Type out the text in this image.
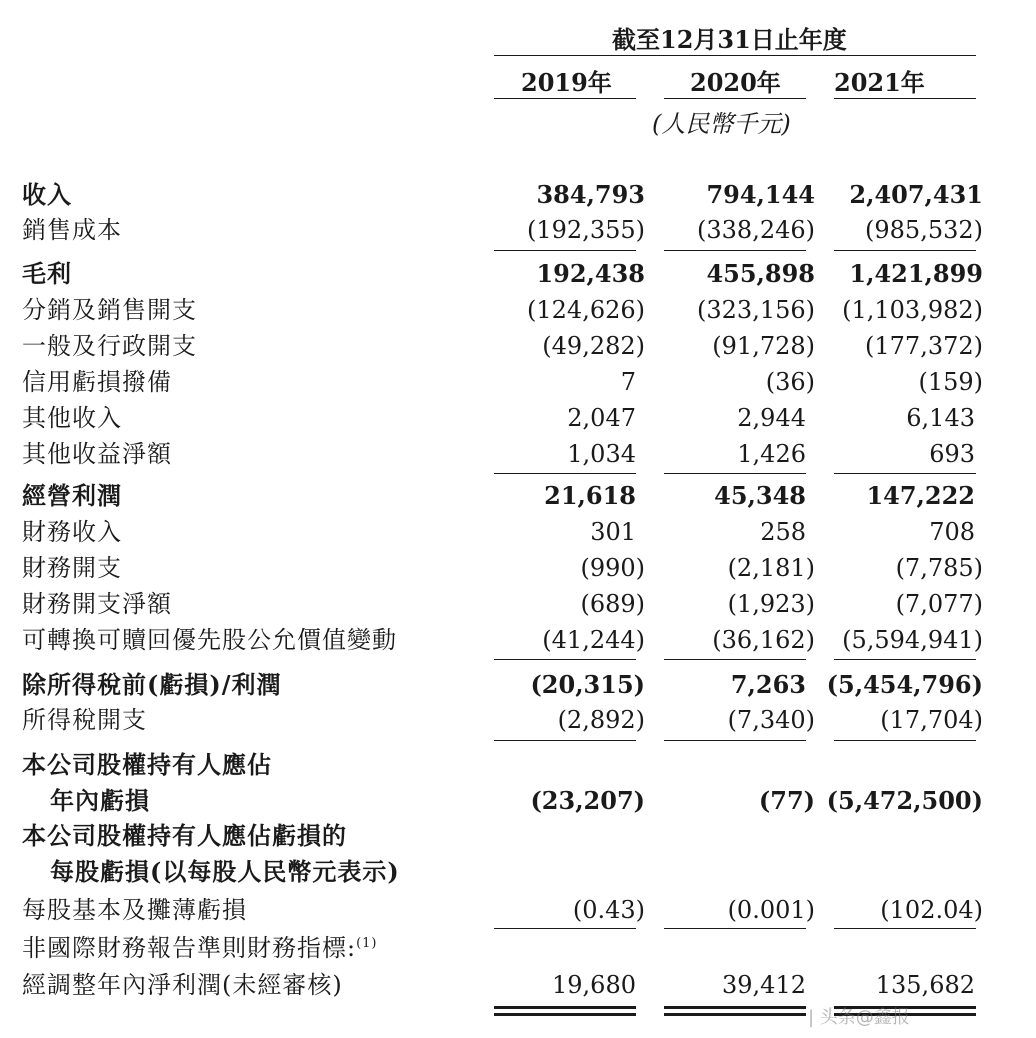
截至12月31日止年度
2019年	2020年 2021年
(人民幣千元)
收入	384,793	794,144 2,407,431
銷售成本	(192,355) (338,246) (985,532)
毛利	192,438	455,898 1,421,899
分銷及銷售開支	(124,626) (323,156) (1,103,982)
一般及行政開支	(49,282)	(91,728) (177,372)
信用虧損撥備	7	(36)	(159)
其他收入	2,047	2,944	6,143
其他收益淨額	1,034	1,426	693
經營利潤	21,618	45,348	147,222
財務收入	301	258	708
財務開支	(990)	(2,181)	(7,785)
財務開支淨額	(689)	(1,923)	(7,077)
可轉換可贖回優先股公允價值變動	(41,244)	(36,162) (5,594,941)
除所得稅前(虧損)/利潤	(20,315)	7,263 (5,454,796)
所得稅開支	(2,892)	(7,340)	(17,704)
本公司股權持有人應佔
年內虧損	(23,207)	(77) (5,472,500)
本公司股權持有人應佔虧損的
每股虧損(以每股人民幣元表示)
每股基本及攤薄虧損	(0.43)	(0.001)	(102.04)
非國際財務報告準則財務指標:$^{(1)}$
經調整年內淨利潤(未經審核)	19,680	39,412	135,682
| 头条@鑫报
